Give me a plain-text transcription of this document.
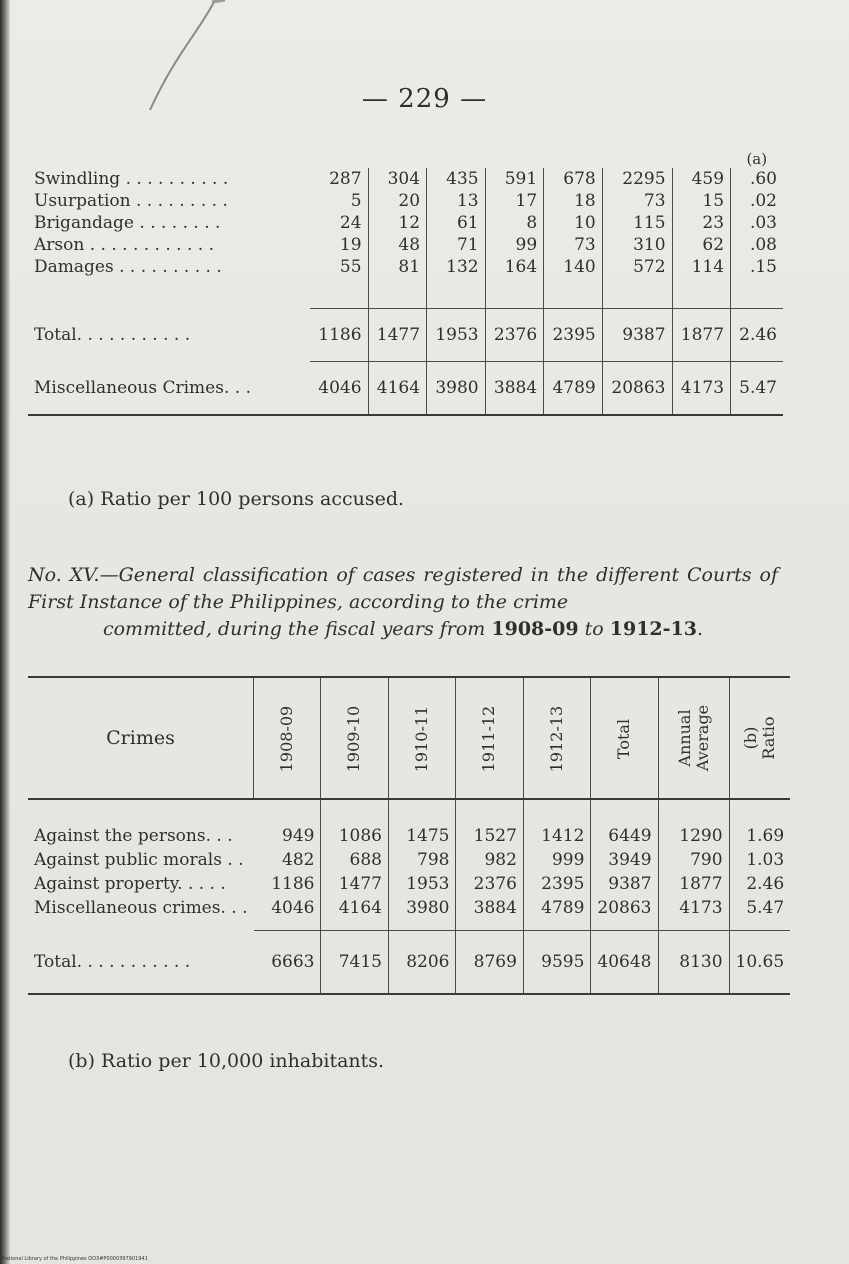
— 229 —
								(a)
Swindling . . . . . . . . . .	287	304	435	591	678	2295	459	.60
Usurpation . . . . . . . . .	5	20	13	17	18	73	15	.02
Brigandage . . . . . . . .	24	12	61	8	10	115	23	.03
Arson . . . . . . . . . . . .	19	48	71	99	73	310	62	.08
Damages . . . . . . . . . .	55	81	132	164	140	572	114	.15

Total. . . . . . . . . . .	1186	1477	1953	2376	2395	9387	1877	2.46
Miscellaneous Crimes. . .	4046	4164	3980	3884	4789	20863	4173	5.47
(a) Ratio per 100 persons accused.
No. XV.—General classification of cases registered in the different Courts of First Instance of the Philippines, according to the crime
committed, during the fiscal years from 1908-09 to 1912-13.
Crimes	1908-09	1909-10	1910-11	1911-12	1912-13	Total	Annual Average	(b) Ratio

Against the persons. . .	949	1086	1475	1527	1412	6449	1290	1.69
Against public morals . .	482	688	798	982	999	3949	790	1.03
Against property. . . . .	1186	1477	1953	2376	2395	9387	1877	2.46
Miscellaneous crimes. . .	4046	4164	3980	3884	4789	20863	4173	5.47

Total. . . . . . . . . . .	6663	7415	8206	8769	9595	40648	8130	10.65
(b) Ratio per 10,000 inhabitants.
National Library of the Philippines DO3#P0000397901941
